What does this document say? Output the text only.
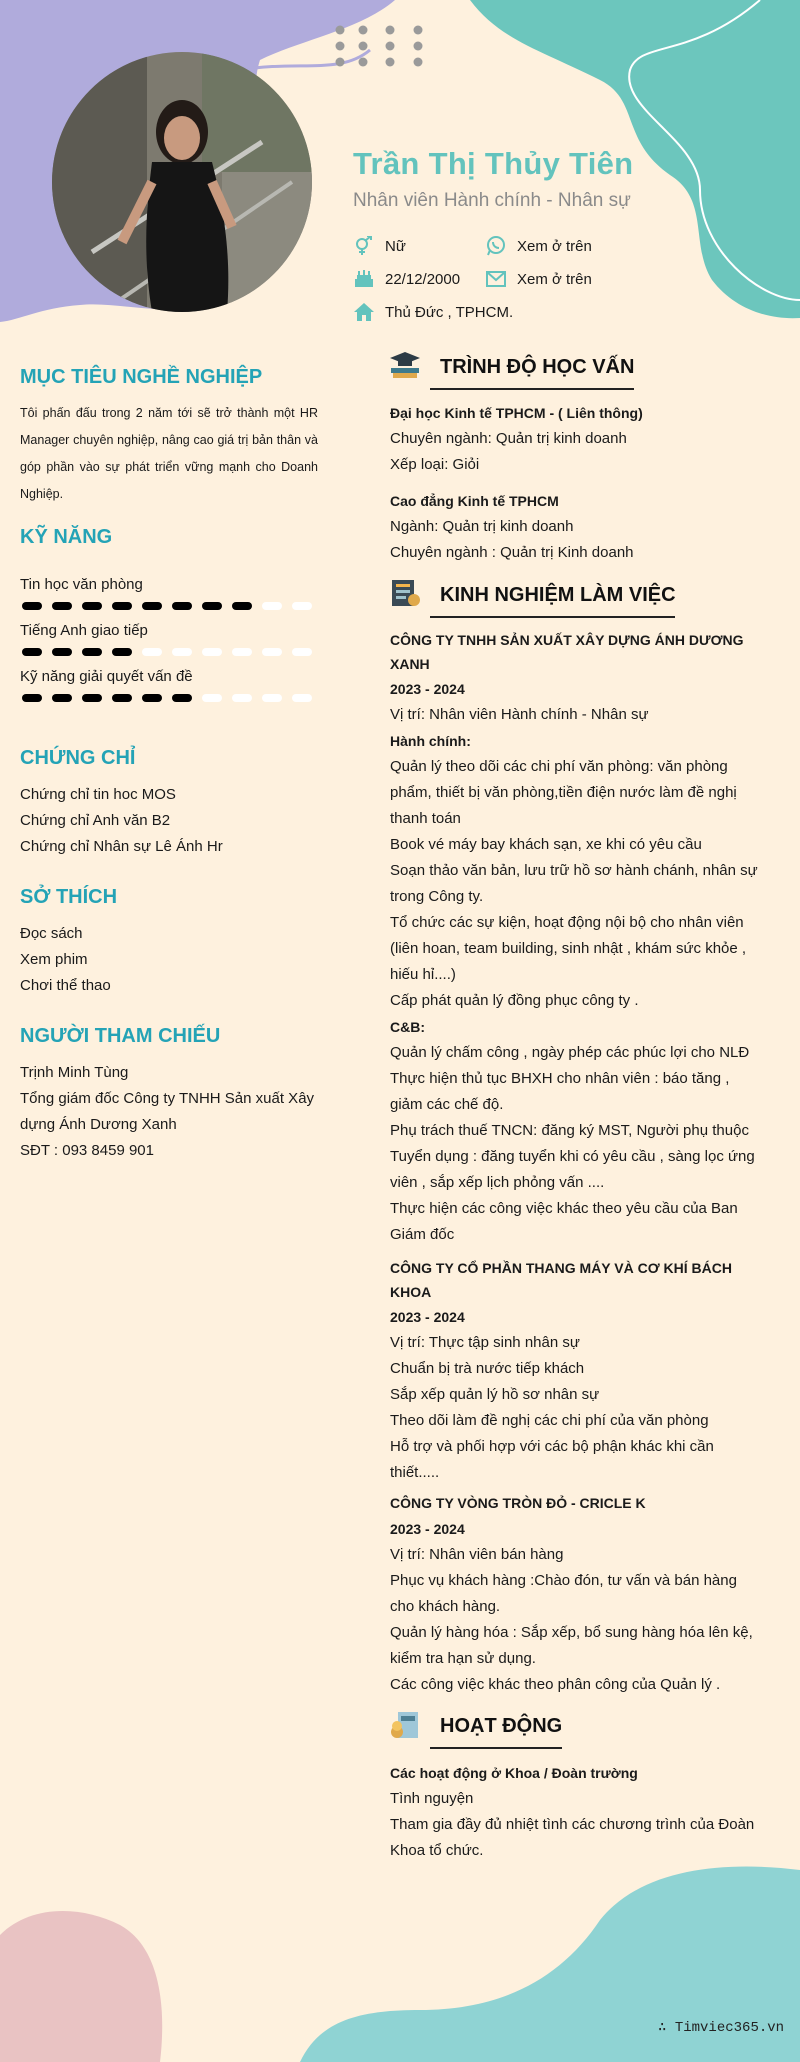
Trần Thị Thủy Tiên
Nhân viên Hành chính - Nhân sự
Nữ	Xem ở trên
22/12/2000	Xem ở trên
Thủ Đức , TPHCM.
MỤC TIÊU NGHỀ NGHIỆP
Tôi phấn đấu trong 2 năm tới sẽ trở thành một HR Manager chuyên nghiệp, nâng cao giá trị bản thân và góp phần vào sự phát triển vững mạnh cho Doanh Nghiệp.
KỸ NĂNG
Tin học văn phòng
Tiếng Anh giao tiếp
Kỹ năng giải quyết vấn đề
CHỨNG CHỈ
Chứng chỉ tin hoc MOS
Chứng chỉ Anh văn B2
Chứng chỉ Nhân sự Lê Ánh Hr
SỞ THÍCH
Đọc sách
Xem phim
Chơi thể thao
NGƯỜI THAM CHIẾU
Trịnh Minh Tùng
Tổng giám đốc Công ty TNHH Sản xuất Xây dựng Ánh Dương Xanh
SĐT : 093 8459 901
TRÌNH ĐỘ HỌC VẤN
Đại học Kinh tế TPHCM - ( Liên thông)
Chuyên ngành: Quản trị kinh doanh
Xếp loại: Giỏi
Cao đẳng Kinh tế TPHCM
Ngành: Quản trị kinh doanh
Chuyên ngành : Quản trị Kinh doanh
KINH NGHIỆM LÀM VIỆC
CÔNG TY TNHH SẢN XUẤT XÂY DỰNG ÁNH DƯƠNG XANH
2023 - 2024
Vị trí: Nhân viên Hành chính - Nhân sự
Hành chính:
Quản lý theo dõi các chi phí văn phòng: văn phòng phẩm, thiết bị văn phòng,tiền điện nước làm đề nghị thanh toán
Book vé máy bay khách sạn, xe khi có yêu cầu
Soạn thảo văn bản, lưu trữ hồ sơ hành chánh, nhân sự trong Công ty.
Tổ chức các sự kiện, hoạt động nội bộ cho nhân viên (liên hoan, team building, sinh nhật , khám sức khỏe , hiếu hỉ....)
Cấp phát quản lý đồng phục công ty .
C&B:
Quản lý chấm công , ngày phép các phúc lợi cho NLĐ
Thực hiện thủ tục BHXH cho nhân viên : báo tăng , giảm các chế độ.
Phụ trách thuế TNCN: đăng ký MST, Người phụ thuộc
Tuyển dụng : đăng tuyển khi có yêu cầu , sàng lọc ứng viên , sắp xếp lịch phỏng vấn ....
Thực hiện các công việc khác theo yêu cầu của Ban Giám đốc
CÔNG TY CỔ PHẦN THANG MÁY VÀ CƠ KHÍ BÁCH KHOA
2023 - 2024
Vị trí: Thực tập sinh nhân sự
Chuẩn bị trà nước tiếp khách
Sắp xếp quản lý hồ sơ nhân sự
Theo dõi làm đề nghị các chi phí của văn phòng
Hỗ trợ và phối hợp với các bộ phận khác khi cần thiết.....
CÔNG TY VÒNG TRÒN ĐỎ - CRICLE K
2023 - 2024
Vị trí: Nhân viên bán hàng
Phục vụ khách hàng :Chào đón, tư vấn và bán hàng cho khách hàng.
Quản lý hàng hóa : Sắp xếp, bổ sung hàng hóa lên kệ, kiểm tra hạn sử dụng.
Các công việc khác theo phân công của Quản lý .
HOẠT ĐỘNG
Các hoạt động ở Khoa / Đoàn trường
Tình nguyện
Tham gia đầy đủ nhiệt tình các chương trình của Đoàn Khoa tổ chức.
∴ Timviec365.vn
